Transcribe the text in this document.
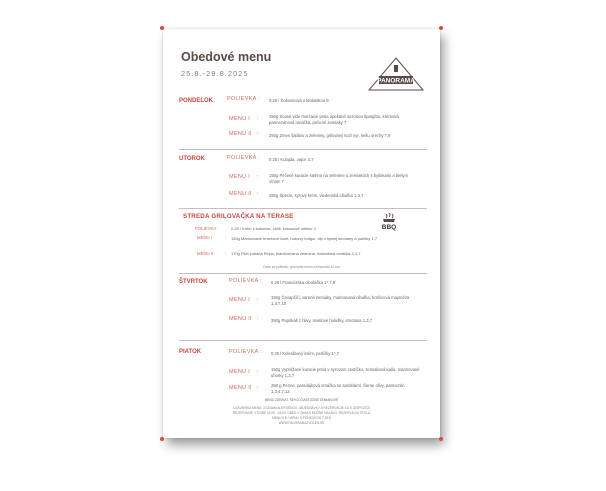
Obedové menu
25.8.-29.8.2025
PANORAMA
PONDELOK	POLIEVKA : 0,25 l Šošovicová s klobáskou 9
MENU I :	150g Sousé vide morčacie prsia opekané sezonou špargľou, krémová parmezánová omáčka, pečené zemiaky 7
MENU II :	250g Zmes šalátov a zeleniny, grilovaný kozí syr, kešu orechy 7,8
UTOROK	POLIEVKA : 0,25 l Kulajda, vajce 3,7
MENU I :	150g Pečené kuracie stehno na zelenine a zemiakoch s bylinkami a bielym vínom 7
MENU II :	250g Špecle, syrový krém, viedenská cibuľka 1,3,7
STREDA GRILOVAČKA NA TERASE
BBQ
POLIEVKA :	0,25 l Krém z kukurice, chilli, kokosové mlieko 3
MENU I	: 150g Marinované bravčové karé, hubový bulgur, dip z kyslej smotany a pažítky 1,7
MENU II	: 170g Filet zubáča Pezia, blanšírovaná zelenina, holandská omáčka 3,4,7
Cena za polievku, grilované menu a limonádu 10 eur
ŠTVRTOK	POLIEVKA : 0,25 l Francúzska cibuľačka 1*,7,9
MENU I :	150g Čevapčiči, varené zemiaky, marinovaná cibuľka, horčicová majonéza 1,3,7,10
MENU II :	250g Paprikáš z hlivy, maslové halušky, smotana 1,3,7
PIATOK	POLIEVKA : 0,25 l Kelerábový krém, perličky 1*,7
MENU I :	150g Vyprážané kuracie prsia v syrovom cestíčku, zemiaková kaša, marinované uhorky 1,3,7
MENU II :	250 g Penne, paradajková omáčka so sardelami, čierne olivy, parmezán 1,3,4,7,12
MENU ZDRAVO, ŠEVCI ČIASTOČNE ZEMIAKOVÉ
UZÁVIERKA MENU: ZOZNAM ALERGÉNOV, OBJEDNÁVKY A REZERVÁCIE SÚ K DISPOZÍCII
REZERVÁCIE V DOBE 11:00 - 13:00, OBED V ZNAKU MOŽNÉ NAĽAVO, REZERVÁCIA STOLA
MENU 6 € / MENU S POLIEVKOU 7,90 €
WWW.PANORAMAZVOLEN.SK
